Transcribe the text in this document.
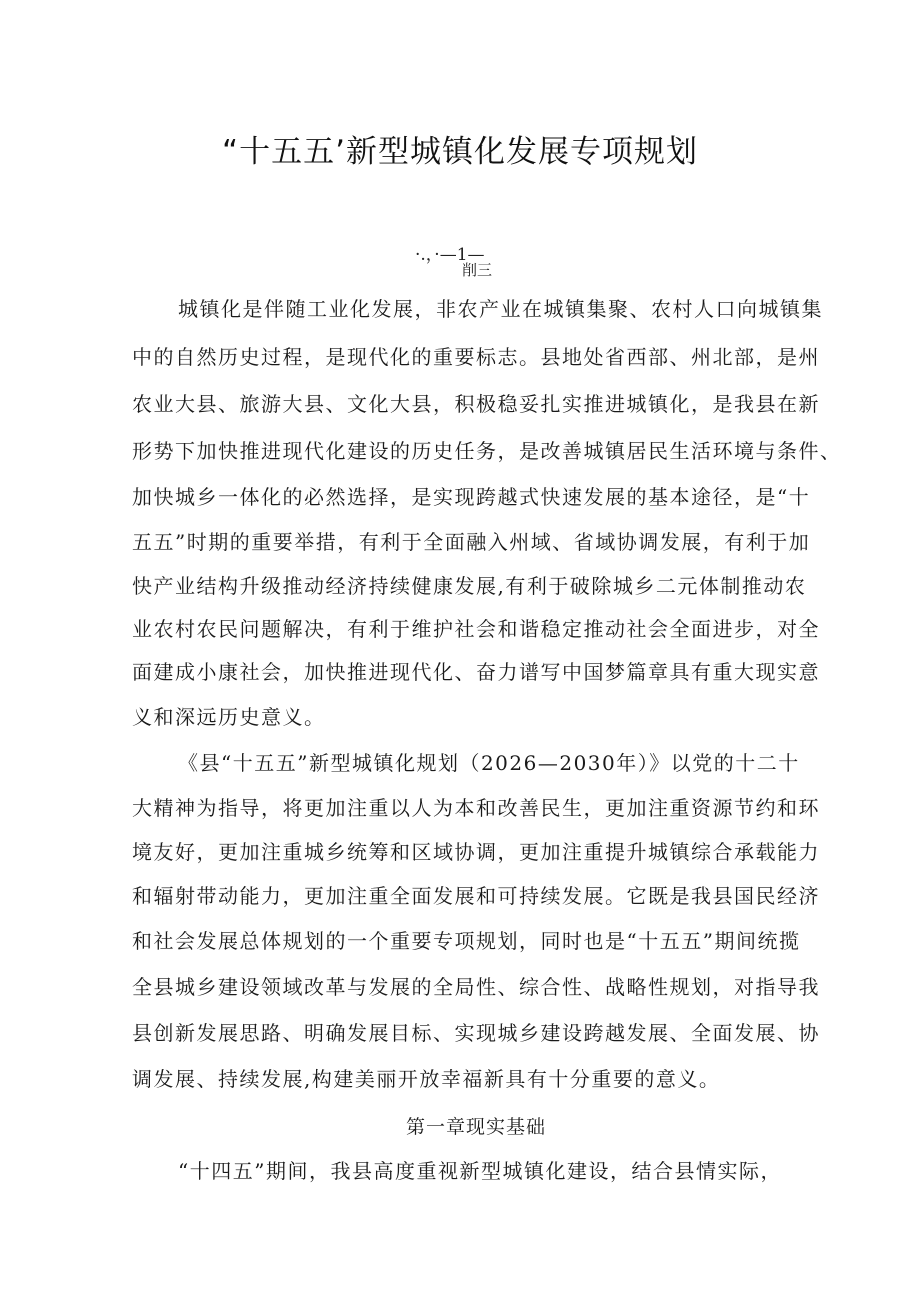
“十五五’新型城镇化发展专项规划
·.，·—1—
削三
城镇化是伴随工业化发展，非农产业在城镇集聚、农村人口向城镇集
中的自然历史过程，是现代化的重要标志。县地处省西部、州北部，是州
农业大县、旅游大县、文化大县，积极稳妥扎实推进城镇化，是我县在新
形势下加快推进现代化建设的历史任务，是改善城镇居民生活环境与条件、
加快城乡一体化的必然选择，是实现跨越式快速发展的基本途径，是“十
五五”时期的重要举措，有利于全面融入州域、省域协调发展，有利于加
快产业结构升级推动经济持续健康发展,有利于破除城乡二元体制推动农
业农村农民问题解决，有利于维护社会和谐稳定推动社会全面进步，对全
面建成小康社会，加快推进现代化、奋力谱写中国梦篇章具有重大现实意
义和深远历史意义。
《县“十五五”新型城镇化规划（2026—2030年）》以党的十二十
大精神为指导，将更加注重以人为本和改善民生，更加注重资源节约和环
境友好，更加注重城乡统筹和区域协调，更加注重提升城镇综合承载能力
和辐射带动能力，更加注重全面发展和可持续发展。它既是我县国民经济
和社会发展总体规划的一个重要专项规划，同时也是“十五五”期间统揽
全县城乡建设领域改革与发展的全局性、综合性、战略性规划，对指导我
县创新发展思路、明确发展目标、实现城乡建设跨越发展、全面发展、协
调发展、持续发展,构建美丽开放幸福新具有十分重要的意义。
第一章现实基础
“十四五”期间，我县高度重视新型城镇化建设，结合县情实际，
